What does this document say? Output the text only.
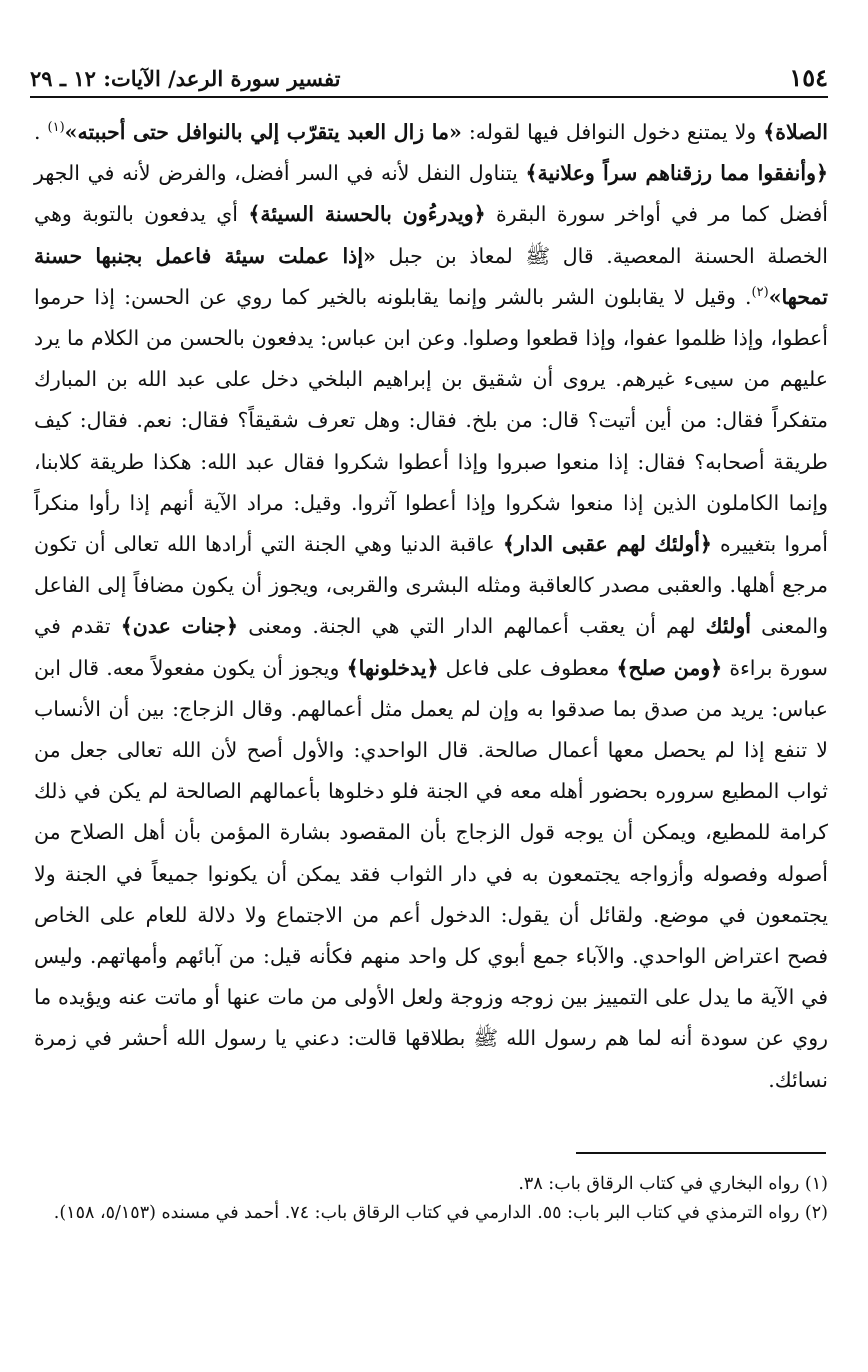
١٥٤
تفسير سورة الرعد/ الآيات: ١٢ ـ ٢٩

الصلاة﴾ ولا يمتنع دخول النوافل فيها لقوله: «ما زال العبد يتقرّب إلي بالنوافل حتى أحببته»$^{(١)}$ . ﴿وأنفقوا مما رزقناهم سراً وعلانية﴾ يتناول النفل لأنه في السر أفضل، والفرض لأنه في الجهر أفضل كما مر في أواخر سورة البقرة ﴿ويدرءُون بالحسنة السيئة﴾ أي يدفعون بالتوبة وهي الخصلة الحسنة المعصية. قال ﷺ لمعاذ بن جبل «إذا عملت سيئة فاعمل بجنبها حسنة تمحها»$^{(٢)}$. وقيل لا يقابلون الشر بالشر وإنما يقابلونه بالخير كما روي عن الحسن: إذا حرموا أعطوا، وإذا ظلموا عفوا، وإذا قطعوا وصلوا. وعن ابن عباس: يدفعون بالحسن من الكلام ما يرد عليهم من سيىء غيرهم. يروى أن شقيق بن إبراهيم البلخي دخل على عبد الله بن المبارك متفكراً فقال: من أين أتيت؟ قال: من بلخ. فقال: وهل تعرف شقيقاً؟ فقال: نعم. فقال: كيف طريقة أصحابه؟ فقال: إذا منعوا صبروا وإذا أعطوا شكروا فقال عبد الله: هكذا طريقة كلابنا، وإنما الكاملون الذين إذا منعوا شكروا وإذا أعطوا آثروا. وقيل: مراد الآية أنهم إذا رأوا منكراً أمروا بتغييره ﴿أولئك لهم عقبى الدار﴾ عاقبة الدنيا وهي الجنة التي أرادها الله تعالى أن تكون مرجع أهلها. والعقبى مصدر كالعاقبة ومثله البشرى والقربى، ويجوز أن يكون مضافاً إلى الفاعل والمعنى أولئك لهم أن يعقب أعمالهم الدار التي هي الجنة. ومعنى ﴿جنات عدن﴾ تقدم في سورة براءة ﴿ومن صلح﴾ معطوف على فاعل ﴿يدخلونها﴾ ويجوز أن يكون مفعولاً معه. قال ابن عباس: يريد من صدق بما صدقوا به وإن لم يعمل مثل أعمالهم. وقال الزجاج: بين أن الأنساب لا تنفع إذا لم يحصل معها أعمال صالحة. قال الواحدي: والأول أصح لأن الله تعالى جعل من ثواب المطيع سروره بحضور أهله معه في الجنة فلو دخلوها بأعمالهم الصالحة لم يكن في ذلك كرامة للمطيع، ويمكن أن يوجه قول الزجاج بأن المقصود بشارة المؤمن بأن أهل الصلاح من أصوله وفصوله وأزواجه يجتمعون به في دار الثواب فقد يمكن أن يكونوا جميعاً في الجنة ولا يجتمعون في موضع. ولقائل أن يقول: الدخول أعم من الاجتماع ولا دلالة للعام على الخاص فصح اعتراض الواحدي. والآباء جمع أبوي كل واحد منهم فكأنه قيل: من آبائهم وأمهاتهم. وليس في الآية ما يدل على التمييز بين زوجه وزوجة ولعل الأولى من مات عنها أو ماتت عنه ويؤيده ما روي عن سودة أنه لما هم رسول الله ﷺ بطلاقها قالت: دعني يا رسول الله أحشر في زمرة نسائك.

(١) رواه البخاري في كتاب الرقاق باب: ٣٨.

(٢) رواه الترمذي في كتاب البر باب: ٥٥. الدارمي في كتاب الرقاق باب: ٧٤. أحمد في مسنده (٥/١٥٣، ١٥٨).
